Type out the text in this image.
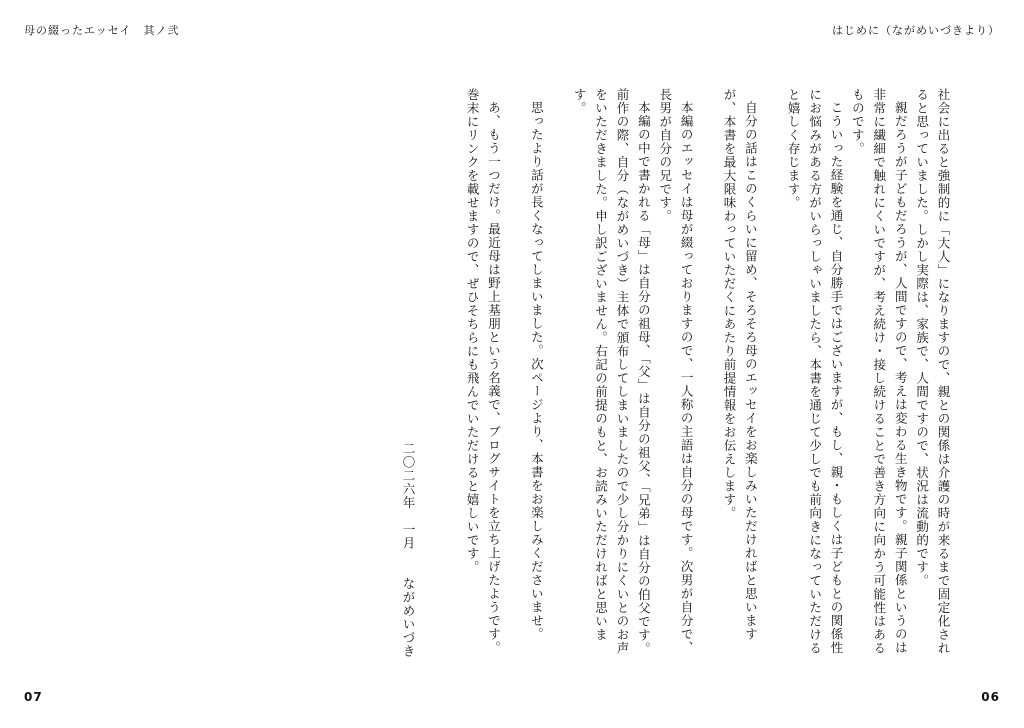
母の綴ったエッセイ　其ノ弐	はじめに（ながめいづきより）

社会に出ると強制的に「大人」になりますので、親との関係は介護の時が来るまで固定化されると思っていました。しかし実際は、家族で、人間ですので、状況は流動的です。

親だろうが子どもだろうが、人間ですので、考えは変わる生き物です。親子関係というのは非常に繊細で触れにくいですが、考え続け・接し続けることで善き方向に向かう可能性はあるものです。

こういった経験を通じ、自分勝手ではございますが、もし、親・もしくは子どもとの関係性にお悩みがある方がいらっしゃいましたら、本書を通じて少しでも前向きになっていただけると嬉しく存じます。

自分の話はこのくらいに留め、そろそろ母のエッセイをお楽しみいただければと思いますが、本書を最大限味わっていただくにあたり前提情報をお伝えします。

本編のエッセイは母が綴っておりますので、一人称の主語は自分の母です。次男が自分で、長男が自分の兄です。

本編の中で書かれる「母」は自分の祖母、「父」は自分の祖父、「兄弟」は自分の伯父です。前作の際、自分（ながめいづき）主体で頒布してしまいましたので少し分かりにくいとのお声をいただきました。申し訳ございません。右記の前提のもと、お読みいただければと思います。

思ったより話が長くなってしまいました。次ページより、本書をお楽しみくださいませ。

あ、もう一つだけ。最近母は野上基朋という名義で、ブログサイトを立ち上げたようです。巻末にリンクを載せますので、ぜひそちらにも飛んでいただけると嬉しいです。

二〇二六年　一月　　ながめいづき

07	06
